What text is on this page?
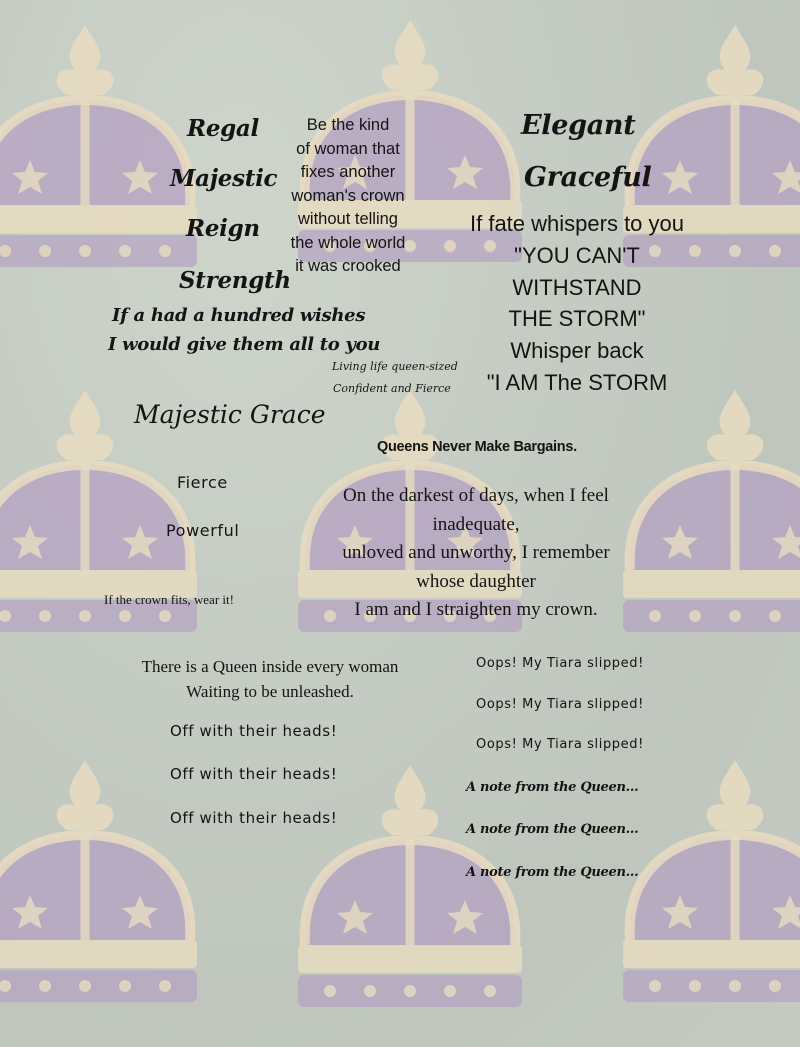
Regal
Majestic
Reign
Strength
Be the kind
of woman that
fixes another
woman's crown
without telling
the whole world
it was crooked
Elegant
Graceful
If fate whispers to you
"YOU CAN'T
WITHSTAND
THE STORM"
Whisper back
"I AM The STORM
If a had a hundred wishes
I would give them all to you
Living life queen-sized
Confident and Fierce
Majestic Grace
Queens Never Make Bargains.
Fierce
Powerful
On the darkest of days, when I feel
inadequate,
unloved and unworthy, I remember
whose daughter
I am and I straighten my crown.
If the crown fits, wear it!
There is a Queen inside every woman
Waiting to be unleashed.
Off with their heads!
Off with their heads!
Off with their heads!
Oops! My Tiara slipped!
Oops! My Tiara slipped!
Oops! My Tiara slipped!
A note from the Queen...
A note from the Queen...
A note from the Queen...
